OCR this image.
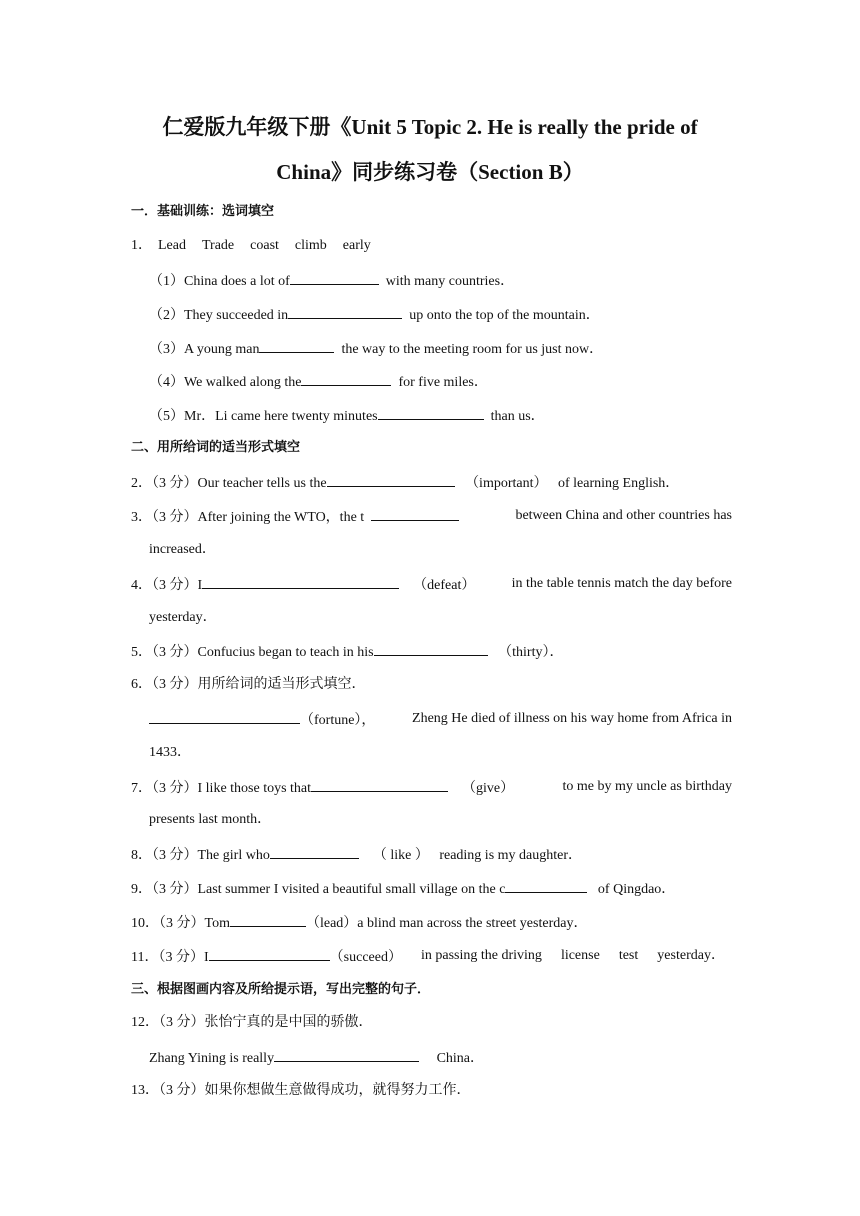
仁爱版九年级下册《Unit 5 Topic 2. He is really the pride of
China》同步练习卷（Section B）
一．基础训练：选词填空
1． Lead Trade coast climb early
（1）China does a lot of	with many countries．
（2）They succeeded in	up onto the top of the mountain．
（3）A young man	the way to the meeting room for us just now．
（4）We walked along the	for five miles．
（5）Mr．Li came here twenty minutes	than us．
二、用所给词的适当形式填空
2．（3 分）Our teacher tells us the	（important） of learning English．
3．（3 分）After joining the WTO，the t	between China and other countries has
increased．
4．（3 分）I	（defeat）	in the table tennis match the day before
yesterday．
5．（3 分）Confucius began to teach in his	（thirty）．
6．（3 分）用所给词的适当形式填空．
（fortune），	Zheng He died of illness on his way home from Africa in
1433．
7．（3 分）I like those toys that	（give）	to me by my uncle as birthday
presents last month．
8．（3 分）The girl who	（ like ） reading is my daughter．
9．（3 分）Last summer I visited a beautiful small village on the c	of Qingdao．
10．（3 分）Tom	（lead）a blind man across the street yesterday．
11．（3 分）I	（succeed） in passing the driving license test yesterday．
三、根据图画内容及所给提示语，写出完整的句子．
12．（3 分）张怡宁真的是中国的骄傲．
Zhang Yining is really	China．
13．（3 分）如果你想做生意做得成功，就得努力工作．
